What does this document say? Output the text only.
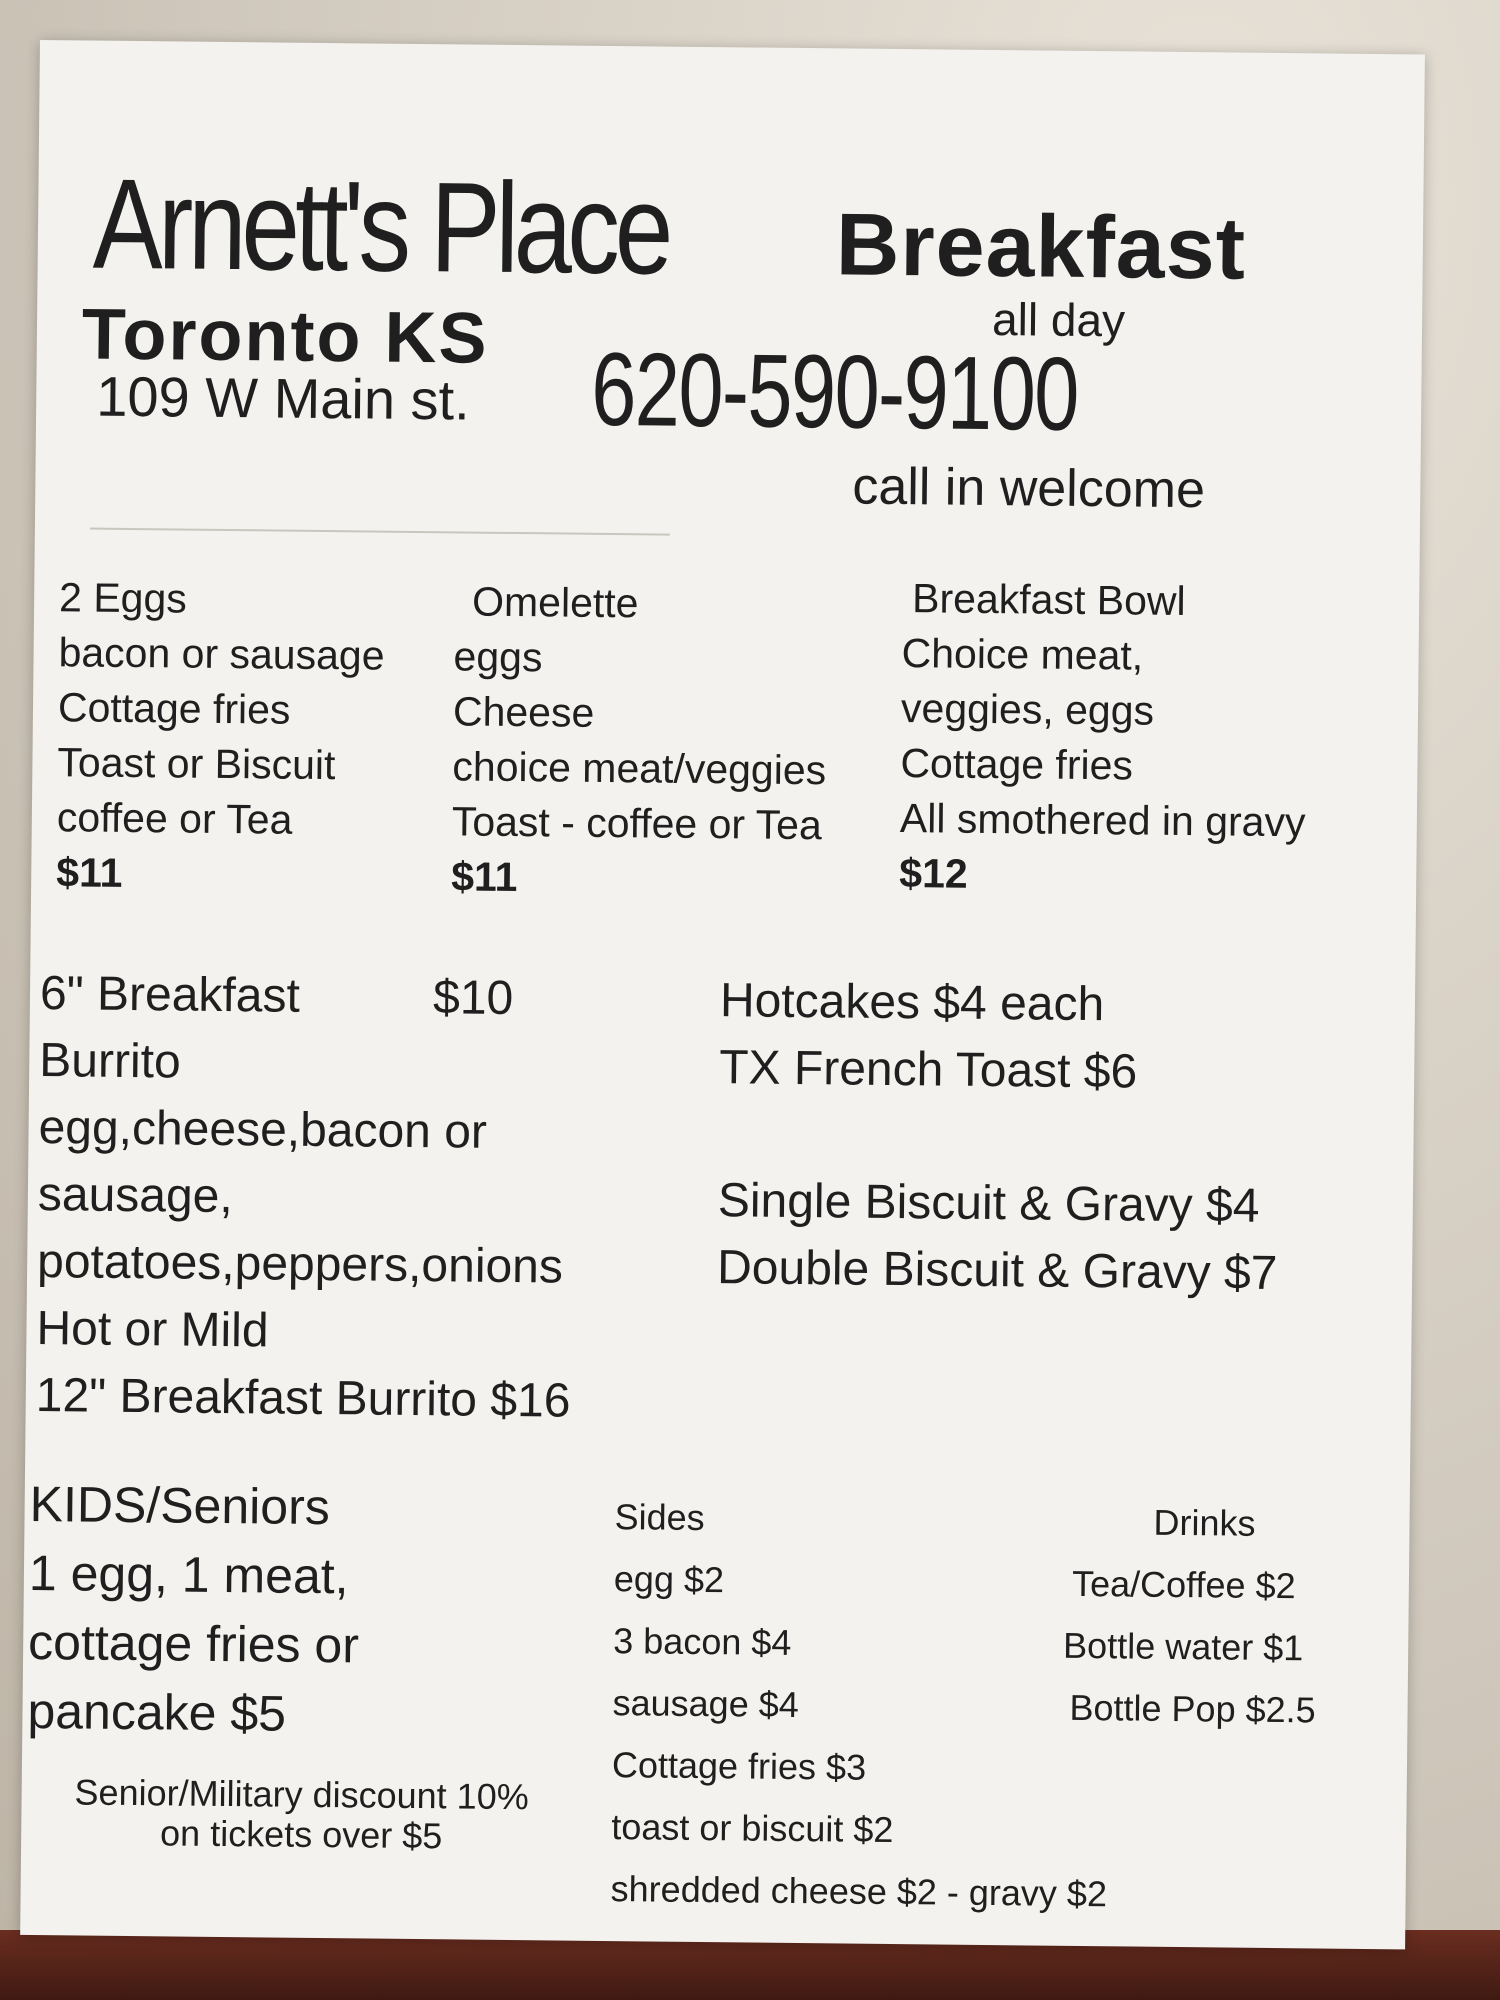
Arnett's Place Breakfast
all day
Toronto KS
109 W Main st. 620-590-9100
call in welcome
2 Eggs
bacon or sausage
Cottage fries
Toast or Biscuit
coffee or Tea
$11
Omelette
eggs
Cheese
choice meat/veggies
Toast - coffee or Tea
$11
Breakfast Bowl
Choice meat,
veggies, eggs
Cottage fries
All smothered in gravy
$12
6" Breakfast	$10
Burrito
egg,cheese,bacon or
sausage,
potatoes,peppers,onions
Hot or Mild
12" Breakfast Burrito $16
Hotcakes $4 each
TX French Toast $6
Single Biscuit & Gravy $4
Double Biscuit & Gravy $7
KIDS/Seniors
1 egg, 1 meat,
cottage fries or
pancake $5
Senior/Military discount 10%
on tickets over $5
Sides
egg $2
3 bacon $4
sausage $4
Cottage fries $3
toast or biscuit $2
shredded cheese $2 - gravy $2
Drinks
Tea/Coffee $2
Bottle water $1
Bottle Pop $2.5
